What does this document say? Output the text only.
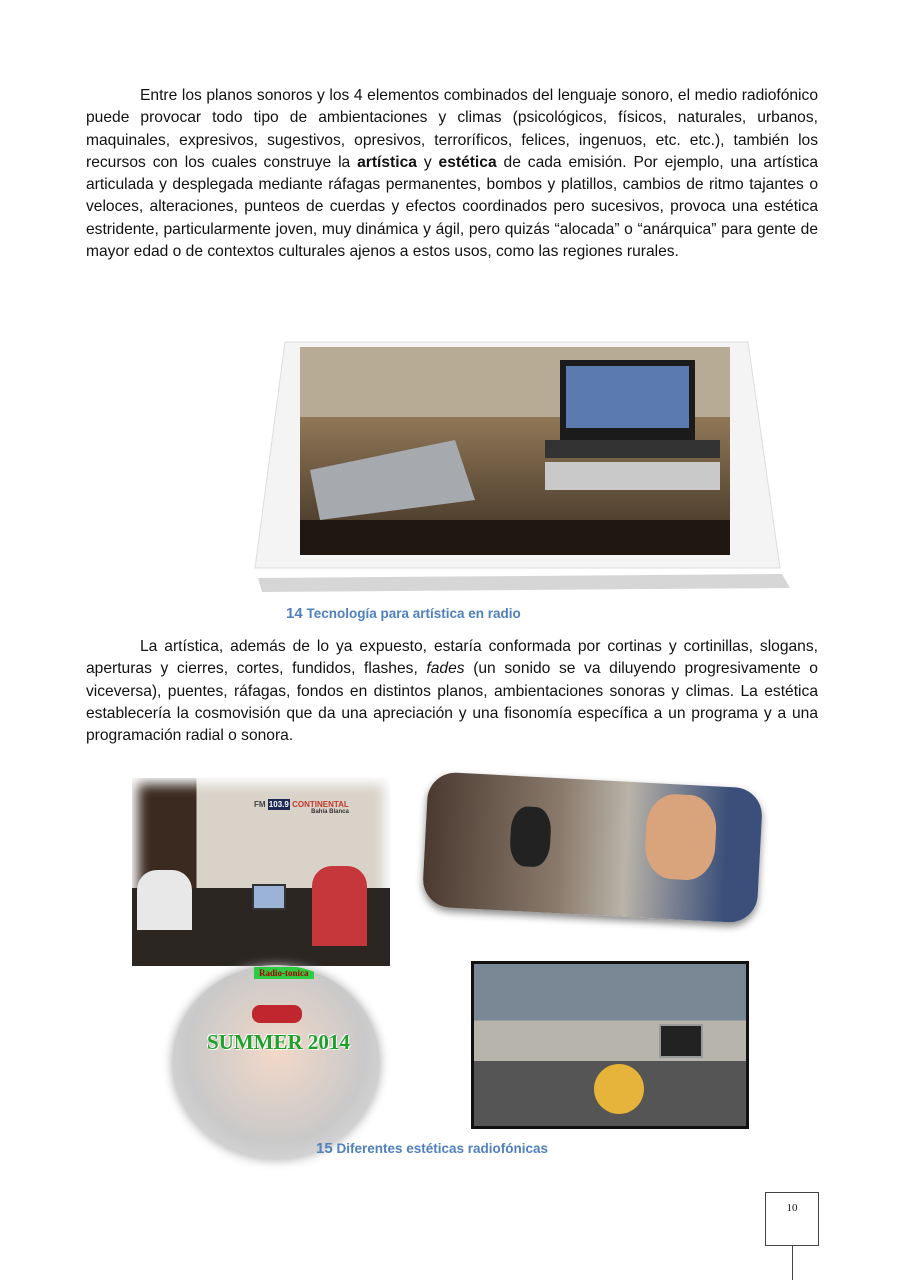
Entre los planos sonoros y los 4 elementos combinados del lenguaje sonoro, el medio radiofónico puede provocar todo tipo de ambientaciones y climas (psicológicos, físicos, naturales, urbanos, maquinales, expresivos, sugestivos, opresivos, terroríficos, felices, ingenuos, etc. etc.), también los recursos con los cuales construye la artística y estética de cada emisión. Por ejemplo, una artística articulada y desplegada mediante ráfagas permanentes, bombos y platillos, cambios de ritmo tajantes o veloces, alteraciones, punteos de cuerdas y efectos coordinados pero sucesivos, provoca una estética estridente, particularmente joven, muy dinámica y ágil, pero quizás “alocada” o “anárquica” para gente de mayor edad o de contextos culturales ajenos a estos usos, como las regiones rurales.

14 Tecnología para artística en radio

La artística, además de lo ya expuesto, estaría conformada por cortinas y cortinillas, slogans, aperturas y cierres, cortes, fundidos, flashes, fades (un sonido se va diluyendo progresivamente o viceversa), puentes, ráfagas, fondos en distintos planos, ambientaciones sonoras y climas. La estética establecería la cosmovisión que da una apreciación y una fisonomía específica a un programa y a una programación radial o sonora.

FM 103.9 CONTINENTAL
Bahía Blanca
Radio-tonica
SUMMER 2014
15 Diferentes estéticas radiofónicas
10
